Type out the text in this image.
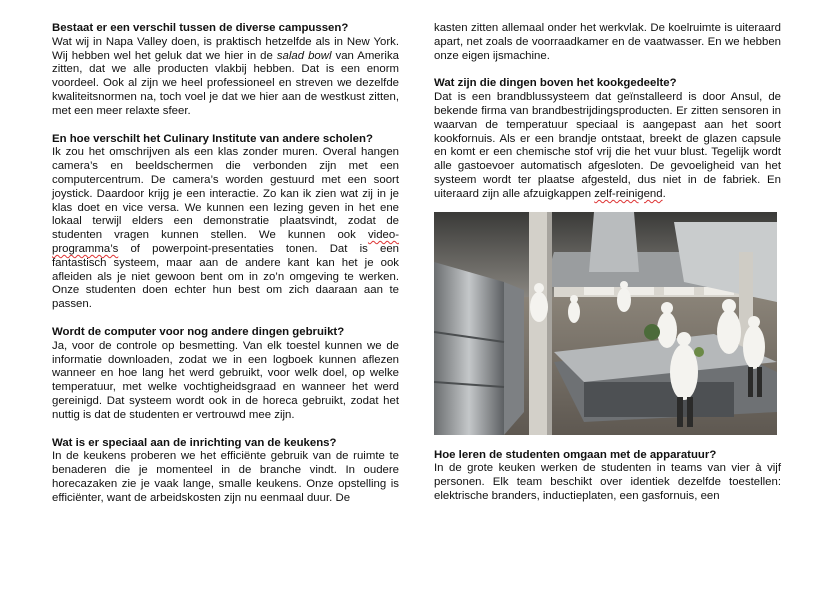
Bestaat er een verschil tussen de diverse campussen?

Wat wij in Napa Valley doen, is praktisch hetzelfde als in New York. Wij hebben wel het geluk dat we hier in de salad bowl van Amerika zitten, dat we alle producten vlakbij hebben. Dat is een enorm voordeel. Ook al zijn we heel professioneel en streven we dezelfde kwaliteitsnormen na, toch voel je dat we hier aan de westkust zitten, met een meer relaxte sfeer.

En hoe verschilt het Culinary Institute van andere scholen?

Ik zou het omschrijven als een klas zonder muren. Overal hangen camera’s en beeldschermen die verbonden zijn met een computercentrum. De camera’s worden gestuurd met een soort joystick. Daardoor krijg je een interactie. Zo kan ik zien wat zij in je klas doet en vice versa. We kunnen een lezing geven in het ene lokaal terwijl elders een demonstratie plaatsvindt, zodat de studenten vragen kunnen stellen. We kunnen ook video-programma’s of powerpoint-presentaties tonen. Dat is een fantastisch systeem, maar aan de andere kant kan het je ook afleiden als je niet gewoon bent om in zo’n omgeving te werken. Onze studenten doen echter hun best om zich daaraan aan te passen.

Wordt de computer voor nog andere dingen gebruikt?

Ja, voor de controle op besmetting. Van elk toestel kunnen we de informatie downloaden, zodat we in een logboek kunnen aflezen wanneer en hoe lang het werd gebruikt, voor welk doel, op welke temperatuur, met welke vochtigheidsgraad en wanneer het werd gereinigd. Dat systeem wordt ook in de horeca gebruikt, zodat het nuttig is dat de studenten er vertrouwd mee zijn.

Wat is er speciaal aan de inrichting van de keukens?

In de keukens proberen we het efficiënte gebruik van de ruimte te benaderen die je momenteel in de branche vindt. In oudere horecazaken zie je vaak lange, smalle keukens. Onze opstelling is efficiënter, want de arbeidskosten zijn nu eenmaal duur. De

kasten zitten allemaal onder het werkvlak. De koelruimte is uiteraard apart, net zoals de voorraadkamer en de vaatwasser. En we hebben onze eigen ijsmachine.

Wat zijn die dingen boven het kookgedeelte?

Dat is een brandblussysteem dat geïnstalleerd is door Ansul, de bekende firma van brandbestrijdingsproducten. Er zitten sensoren in waarvan de temperatuur speciaal is aangepast aan het soort kookfornuis. Als er een brandje ontstaat, breekt de glazen capsule en komt er een chemische stof vrij die het vuur blust. Tegelijk wordt alle gastoevoer automatisch afgesloten. De gevoeligheid van het systeem wordt ter plaatse afgesteld, dus niet in de fabriek. En uiteraard zijn alle afzuigkappen zelf-reinigend.

Hoe leren de studenten omgaan met de apparatuur?

In de grote keuken werken de studenten in teams van vier à vijf personen. Elk team beschikt over identiek dezelfde toestellen: elektrische branders, inductieplaten, een gasfornuis, een
